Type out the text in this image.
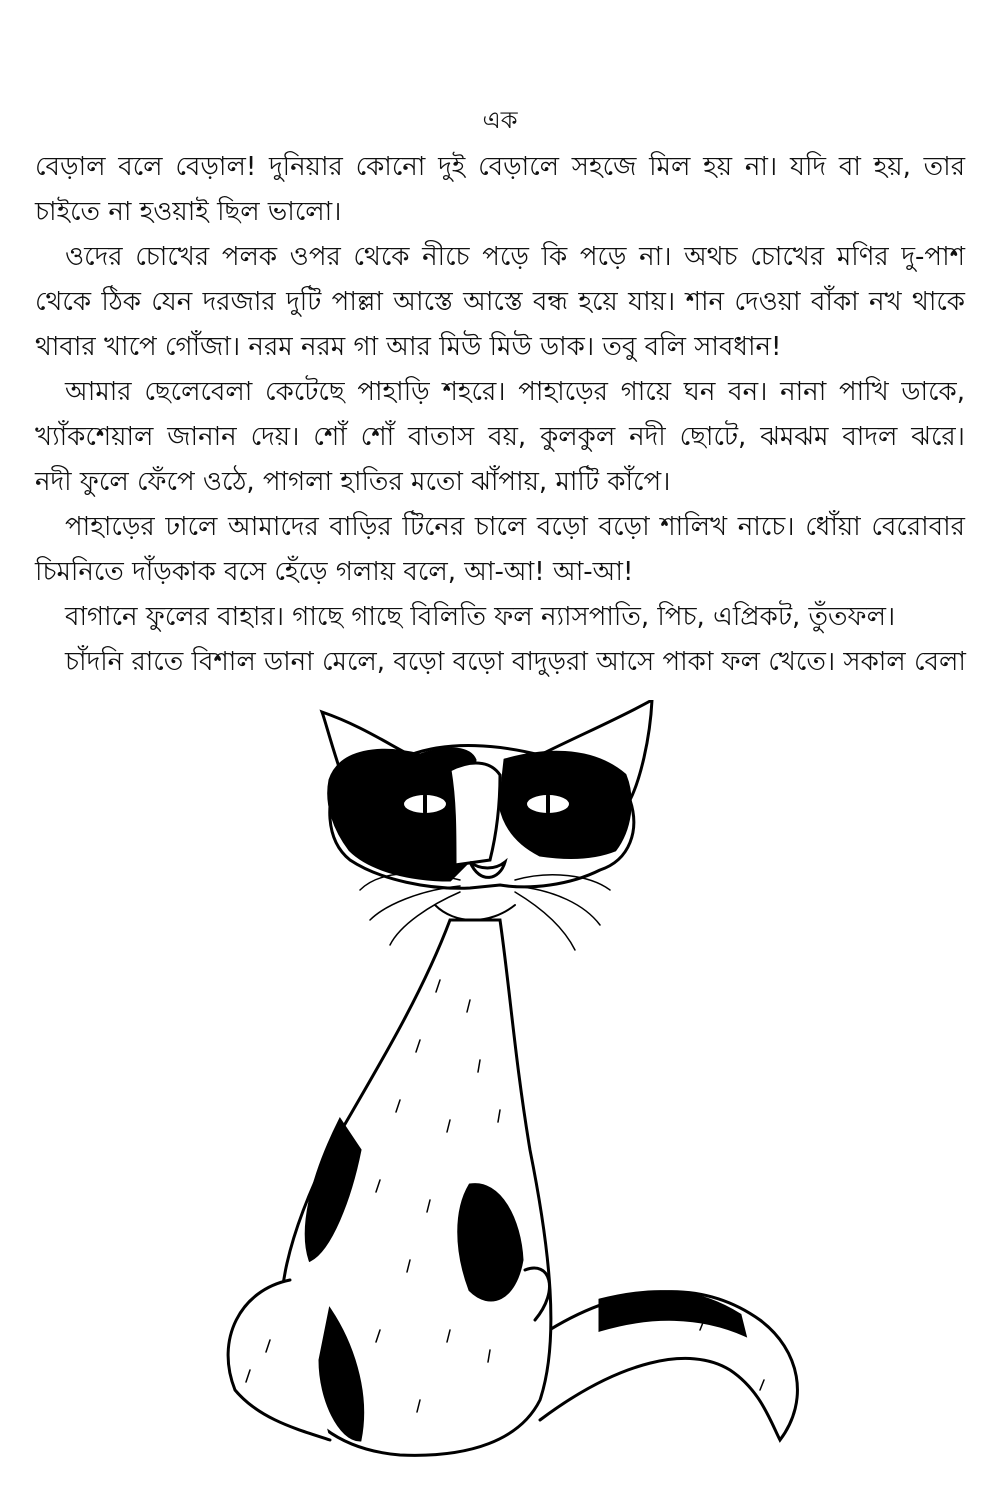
এক
বেড়াল বলে বেড়াল! দুনিয়ার কোনো দুই বেড়ালে সহজে মিল হয় না। যদি বা হয়, তার
চাইতে না হওয়াই ছিল ভালো।
ওদের চোখের পলক ওপর থেকে নীচে পড়ে কি পড়ে না। অথচ চোখের মণির দু-পাশ
থেকে ঠিক যেন দরজার দুটি পাল্লা আস্তে আস্তে বন্ধ হয়ে যায়। শান দেওয়া বাঁকা নখ থাকে
থাবার খাপে গোঁজা। নরম নরম গা আর মিউ মিউ ডাক। তবু বলি সাবধান!
আমার ছেলেবেলা কেটেছে পাহাড়ি শহরে। পাহাড়ের গায়ে ঘন বন। নানা পাখি ডাকে,
খ্যাঁকশেয়াল জানান দেয়। শোঁ শোঁ বাতাস বয়, কুলকুল নদী ছোটে, ঝমঝম বাদল ঝরে।
নদী ফুলে ফেঁপে ওঠে, পাগলা হাতির মতো ঝাঁপায়, মাটি কাঁপে।
পাহাড়ের ঢালে আমাদের বাড়ির টিনের চালে বড়ো বড়ো শালিখ নাচে। ধোঁয়া বেরোবার
চিমনিতে দাঁড়কাক বসে হেঁড়ে গলায় বলে, আ-আ! আ-আ!
বাগানে ফুলের বাহার। গাছে গাছে বিলিতি ফল ন্যাসপাতি, পিচ, এপ্রিকট, তুঁতফল।
চাঁদনি রাতে বিশাল ডানা মেলে, বড়ো বড়ো বাদুড়রা আসে পাকা ফল খেতে। সকাল বেলা
